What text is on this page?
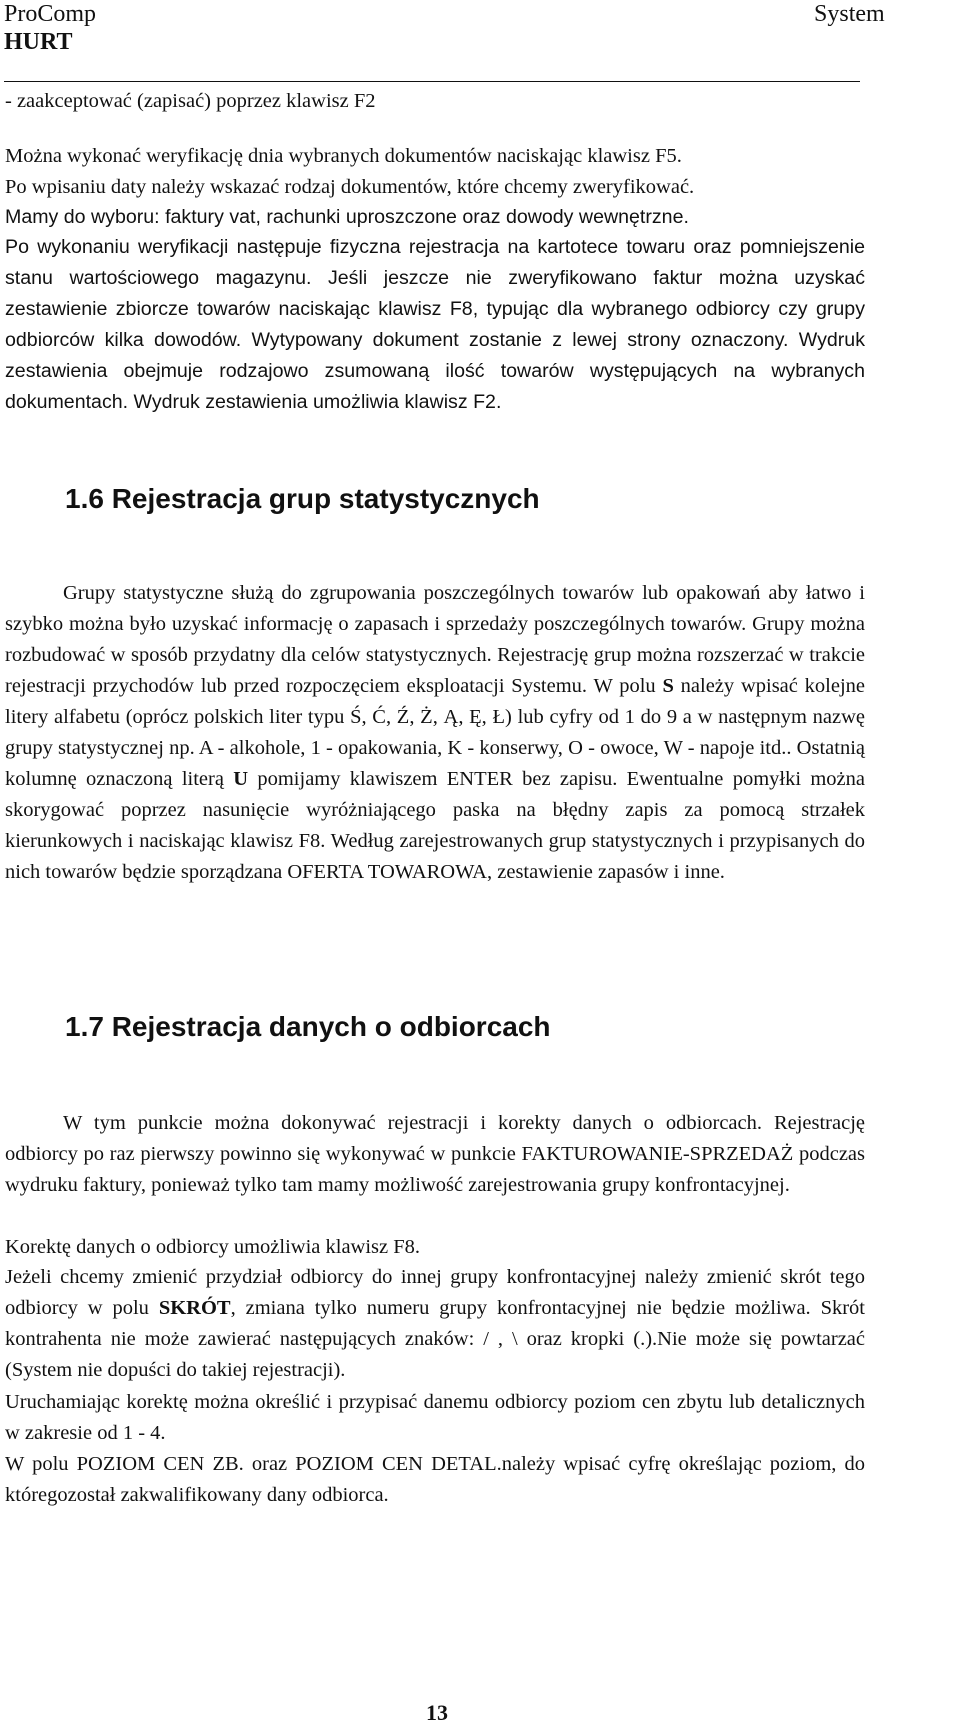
ProComp	System
HURT

- zaakceptować (zapisać) poprzez klawisz F2

Można wykonać weryfikację dnia wybranych dokumentów naciskając klawisz F5.

Po wpisaniu daty należy wskazać rodzaj dokumentów, które chcemy zweryfikować.

Mamy do wyboru: faktury vat, rachunki uproszczone oraz dowody wewnętrzne.

Po wykonaniu weryfikacji następuje fizyczna rejestracja na kartotece towaru oraz pomniejszenie stanu wartościowego magazynu. Jeśli jeszcze nie zweryfikowano faktur można uzyskać zestawienie zbiorcze towarów naciskając klawisz F8, typując dla wybranego odbiorcy czy grupy odbiorców kilka dowodów. Wytypowany dokument zostanie z lewej strony oznaczony. Wydruk zestawienia obejmuje rodzajowo zsumowaną ilość towarów występujących na wybranych dokumentach. Wydruk zestawienia umożliwia klawisz F2.

1.6 Rejestracja grup statystycznych

Grupy statystyczne służą do zgrupowania poszczególnych towarów lub opakowań aby łatwo i szybko można było uzyskać informację o zapasach i sprzedaży poszczególnych towarów. Grupy można rozbudować w sposób przydatny dla celów statystycznych. Rejestrację grup można rozszerzać w trakcie rejestracji przychodów lub przed rozpoczęciem eksploatacji Systemu. W polu S należy wpisać kolejne litery alfabetu (oprócz polskich liter typu Ś, Ć, Ź, Ż, Ą, Ę, Ł) lub cyfry od 1 do 9 a w następnym nazwę grupy statystycznej np. A - alkohole, 1 - opakowania, K - konserwy, O - owoce, W - napoje itd.. Ostatnią kolumnę oznaczoną literą U pomijamy klawiszem ENTER bez zapisu. Ewentualne pomyłki można skorygować poprzez nasunięcie wyróżniającego paska na błędny zapis za pomocą strzałek kierunkowych i naciskając klawisz F8. Według zarejestrowanych grup statystycznych i przypisanych do nich towarów będzie sporządzana OFERTA TOWAROWA, zestawienie zapasów i inne.

1.7 Rejestracja danych o odbiorcach

W tym punkcie można dokonywać rejestracji i korekty danych o odbiorcach. Rejestrację odbiorcy po raz pierwszy powinno się wykonywać w punkcie FAKTUROWANIE-SPRZEDAŻ podczas wydruku faktury, ponieważ tylko tam mamy możliwość zarejestrowania grupy konfrontacyjnej.

Korektę danych o odbiorcy umożliwia klawisz F8.

Jeżeli chcemy zmienić przydział odbiorcy do innej grupy konfrontacyjnej należy zmienić skrót tego odbiorcy w polu SKRÓT, zmiana tylko numeru grupy konfrontacyjnej nie będzie możliwa. Skrót kontrahenta nie może zawierać następujących znaków: / , \ oraz kropki (.).Nie może się powtarzać (System nie dopuści do takiej rejestracji).

Uruchamiając korektę można określić i przypisać danemu odbiorcy poziom cen zbytu lub detalicznych w zakresie od 1 - 4.

W polu POZIOM CEN ZB. oraz POZIOM CEN DETAL.należy wpisać cyfrę określając poziom, do któregozostał zakwalifikowany dany odbiorca.

13
